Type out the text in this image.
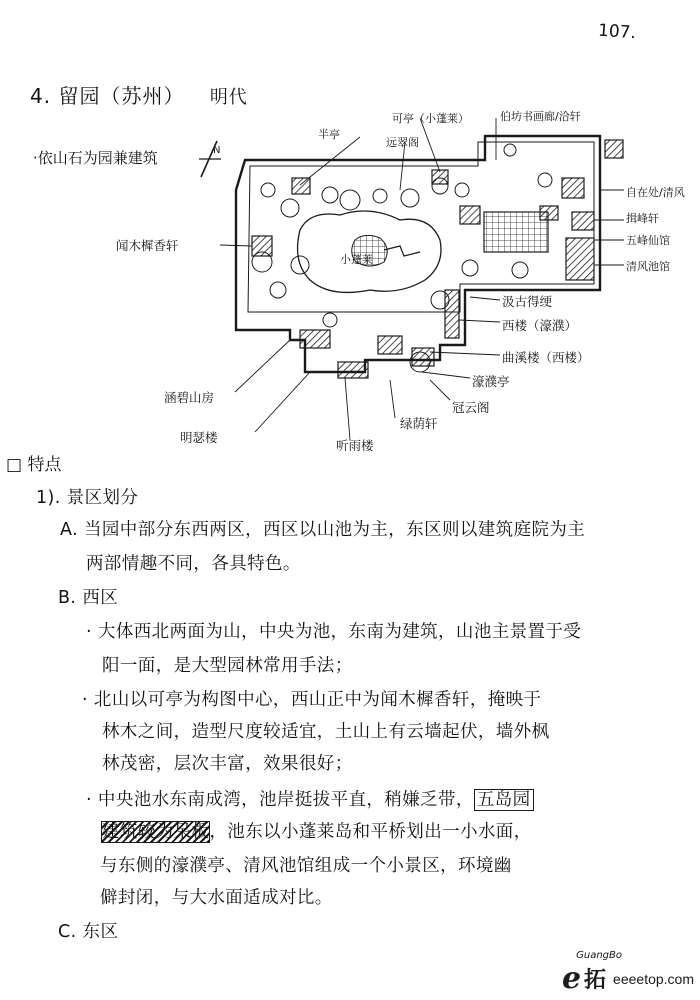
107.
4. 留园（苏州） 明代
·依山石为园兼建筑	N
半亭
可亭（小蓬莱）
远翠阁
伯坊书画廊/洽轩
闻木樨香轩
小蓬莱
自在处/清风
揖峰轩
五峰仙馆
清风池馆
汲古得绠
西楼（濠濮）
曲溪楼（西楼）
濠濮亭
冠云阁
绿荫轩
涵碧山房
明瑟楼
听雨楼
□ 特点
1). 景区划分
A. 当园中部分东西两区，西区以山池为主，东区则以建筑庭院为主
两部情趣不同，各具特色。
B. 西区
· 大体西北两面为山，中央为池，东南为建筑，山池主景置于受
阳一面，是大型园林常用手法；
· 北山以可亭为构图中心，西山正中为闻木樨香轩，掩映于
林木之间，造型尺度较适宜，土山上有云墙起伏，墙外枫
林茂密，层次丰富，效果很好；
· 中央池水东南成湾，池岸挺拔平直，稍嫌乏带， 五岛园
建筑较为呆板，池东以小蓬莱岛和平桥划出一小水面，
与东侧的濠濮亭、清风池馆组成一个小景区，环境幽
僻封闭，与大水面适成对比。
C. 东区
GuangBo
e 拓 eeeetop.com
